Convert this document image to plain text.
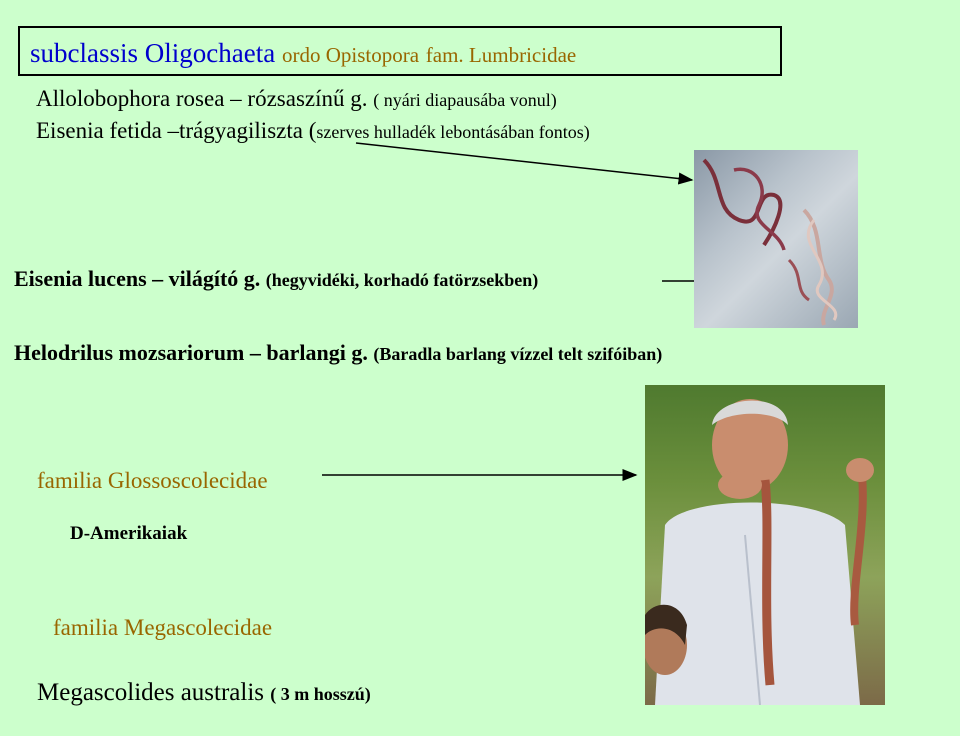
subclassis Oligochaeta ordo Opistopora fam. Lumbricidae
Allolobophora rosea – rózsaszínű g. ( nyári diapausába vonul)
Eisenia fetida –trágyagiliszta (szerves hulladék lebontásában fontos)
Eisenia lucens – világító g. (hegyvidéki, korhadó fatörzsekben)
Helodrilus mozsariorum – barlangi g. (Baradla barlang vízzel telt szifóiban)
familia Glossoscolecidae
D-Amerikaiak
familia Megascolecidae
Megascolides australis ( 3 m hosszú)
